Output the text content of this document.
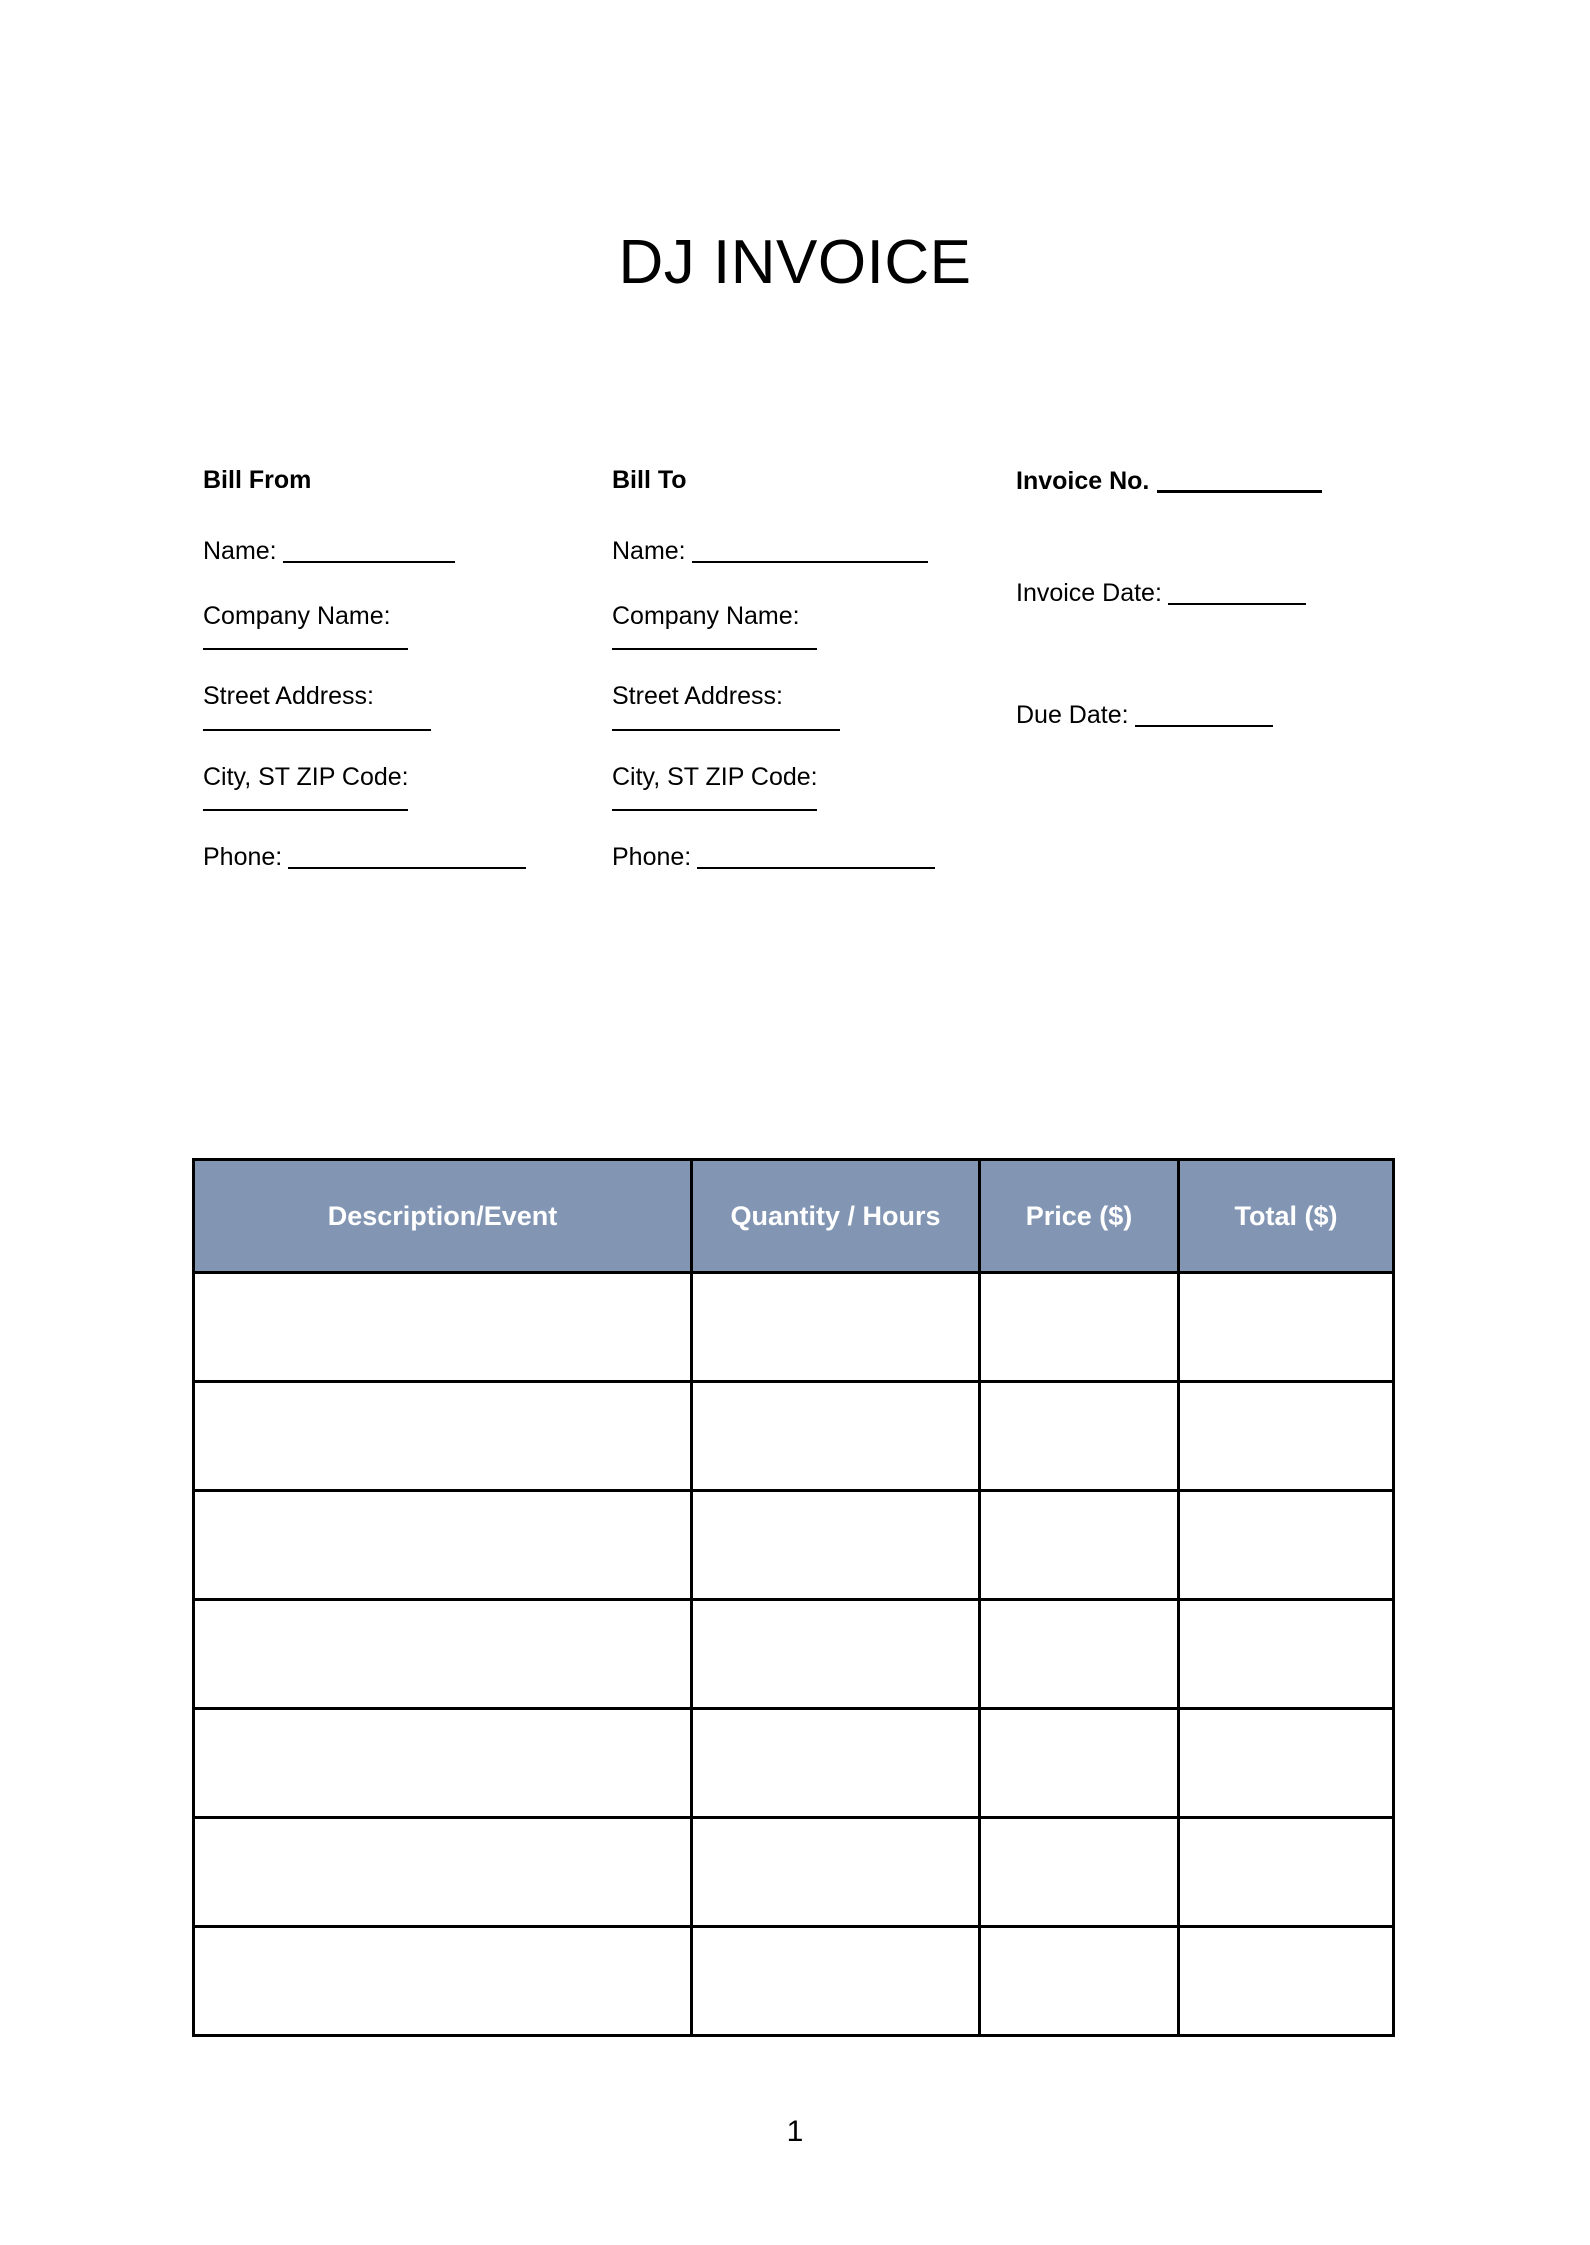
DJ INVOICE
Bill From
Name:
Company Name:
Street Address:
City, ST ZIP Code:
Phone:
Bill To
Name:
Company Name:
Street Address:
City, ST ZIP Code:
Phone:
Invoice No.
Invoice Date:
Due Date:
Description/Event	Quantity / Hours	Price ($)	Total ($)

1
